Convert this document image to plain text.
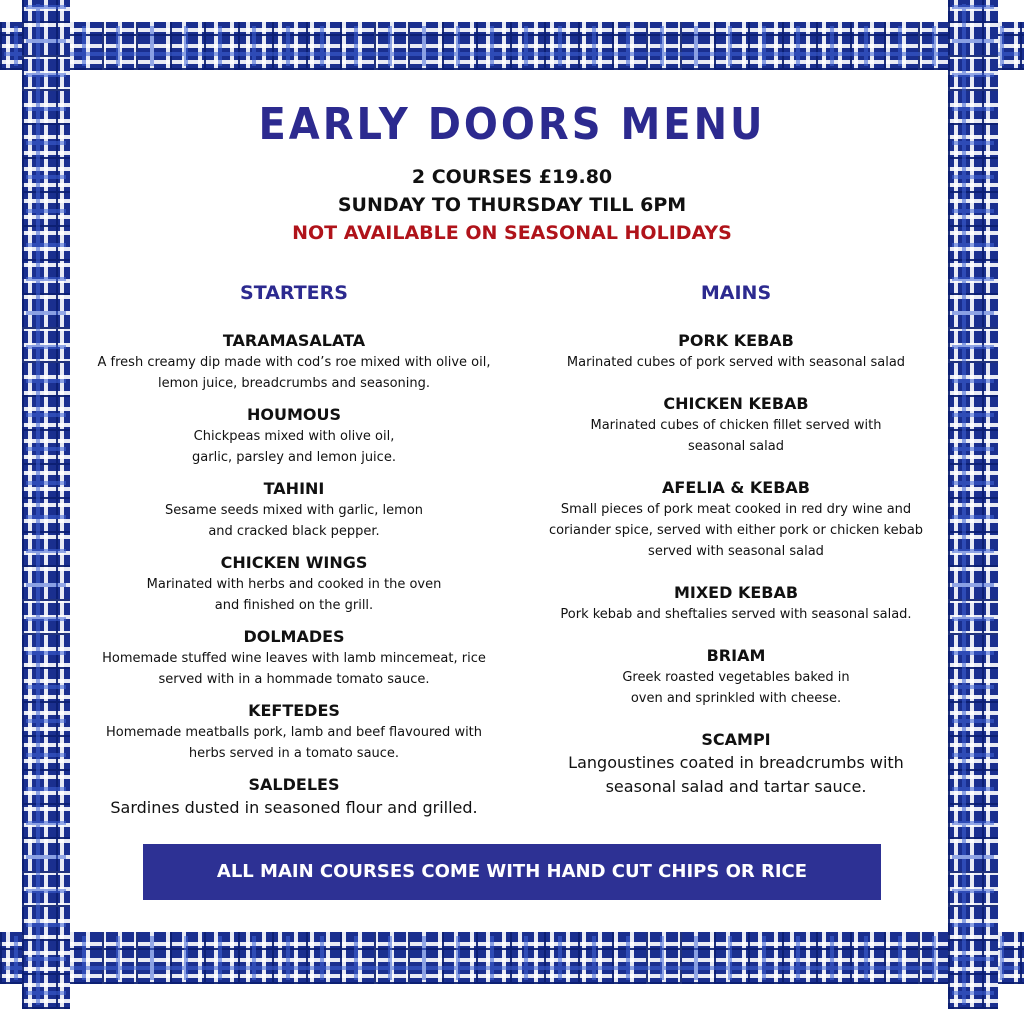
EARLY DOORS MENU
2 COURSES £19.80
SUNDAY TO THURSDAY TILL 6PM
NOT AVAILABLE ON SEASONAL HOLIDAYS
STARTERS
TARAMASALATA
A fresh creamy dip made with cod’s roe mixed with olive oil, lemon juice, breadcrumbs and seasoning.
HOUMOUS
Chickpeas mixed with olive oil, garlic, parsley and lemon juice.
TAHINI
Sesame seeds mixed with garlic, lemon and cracked black pepper.
CHICKEN WINGS
Marinated with herbs and cooked in the oven and finished on the grill.
DOLMADES
Homemade stuffed wine leaves with lamb mincemeat, rice served with in a hommade tomato sauce.
KEFTEDES
Homemade meatballs pork, lamb and beef flavoured with herbs served in a tomato sauce.
SALDELES
Sardines dusted in seasoned flour and grilled.
MAINS
PORK KEBAB
Marinated cubes of pork served with seasonal salad
CHICKEN KEBAB
Marinated cubes of chicken fillet served with seasonal salad
AFELIA & KEBAB
Small pieces of pork meat cooked in red dry wine and coriander spice, served with either pork or chicken kebab served with seasonal salad
MIXED KEBAB
Pork kebab and sheftalies served with seasonal salad.
BRIAM
Greek roasted vegetables baked in oven and sprinkled with cheese.
SCAMPI
Langoustines coated in breadcrumbs with seasonal salad and tartar sauce.
ALL MAIN COURSES COME WITH HAND CUT CHIPS OR RICE
